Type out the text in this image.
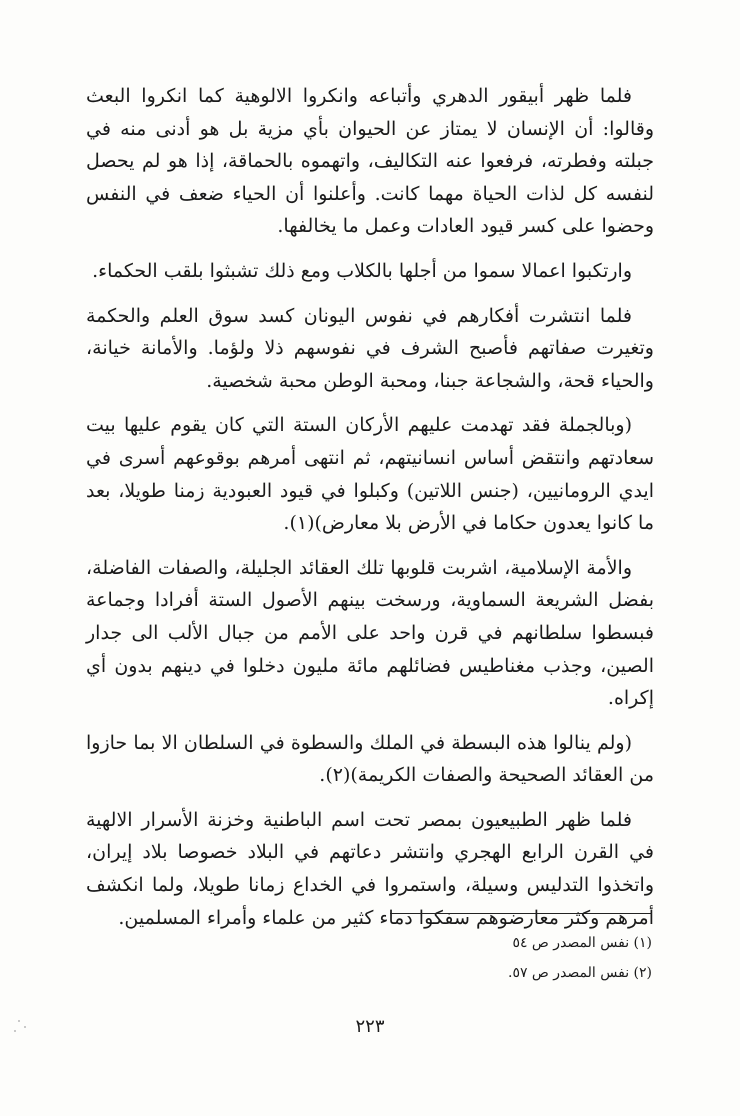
فلما ظهر أبيقور الدهري وأتباعه وانكروا الالوهية كما انكروا البعث وقالوا: أن الإنسان لا يمتاز عن الحيوان بأي مزية بل هو أدنى منه في جبلته وفطرته، فرفعوا عنه التكاليف، واتهموه بالحماقة، إذا هو لم يحصل لنفسه كل لذات الحياة مهما كانت. وأعلنوا أن الحياء ضعف في النفس وحضوا على كسر قيود العادات وعمل ما يخالفها.

وارتكبوا اعمالا سموا من أجلها بالكلاب ومع ذلك تشبثوا بلقب الحكماء.

فلما انتشرت أفكارهم في نفوس اليونان كسد سوق العلم والحكمة وتغيرت صفاتهم فأصبح الشرف في نفوسهم ذلا ولؤما. والأمانة خيانة، والحياء قحة، والشجاعة جبنا، ومحبة الوطن محبة شخصية.

(وبالجملة فقد تهدمت عليهم الأركان الستة التي كان يقوم عليها بيت سعادتهم وانتقض أساس انسانيتهم، ثم انتهى أمرهم بوقوعهم أسرى في ايدي الرومانيين، (جنس اللاتين) وكبلوا في قيود العبودية زمنا طويلا، بعد ما كانوا يعدون حكاما في الأرض بلا معارض)(١).

والأمة الإسلامية، اشربت قلوبها تلك العقائد الجليلة، والصفات الفاضلة، بفضل الشريعة السماوية، ورسخت بينهم الأصول الستة أفرادا وجماعة فبسطوا سلطانهم في قرن واحد على الأمم من جبال الألب الى جدار الصين، وجذب مغناطيس فضائلهم مائة مليون دخلوا في دينهم بدون أي إكراه.

(ولم ينالوا هذه البسطة في الملك والسطوة في السلطان الا بما حازوا من العقائد الصحيحة والصفات الكريمة)(٢).

فلما ظهر الطبيعيون بمصر تحت اسم الباطنية وخزنة الأسرار الالهية في القرن الرابع الهجري وانتشر دعاتهم في البلاد خصوصا بلاد إيران، واتخذوا التدليس وسيلة، واستمروا في الخداع زمانا طويلا، ولما انكشف أمرهم وكثر معارضوهم سفكوا دماء كثير من علماء وأمراء المسلمين.

(١) نفس المصدر ص ٥٤

(٢) نفس المصدر ص ٥٧.

٢٢٣
